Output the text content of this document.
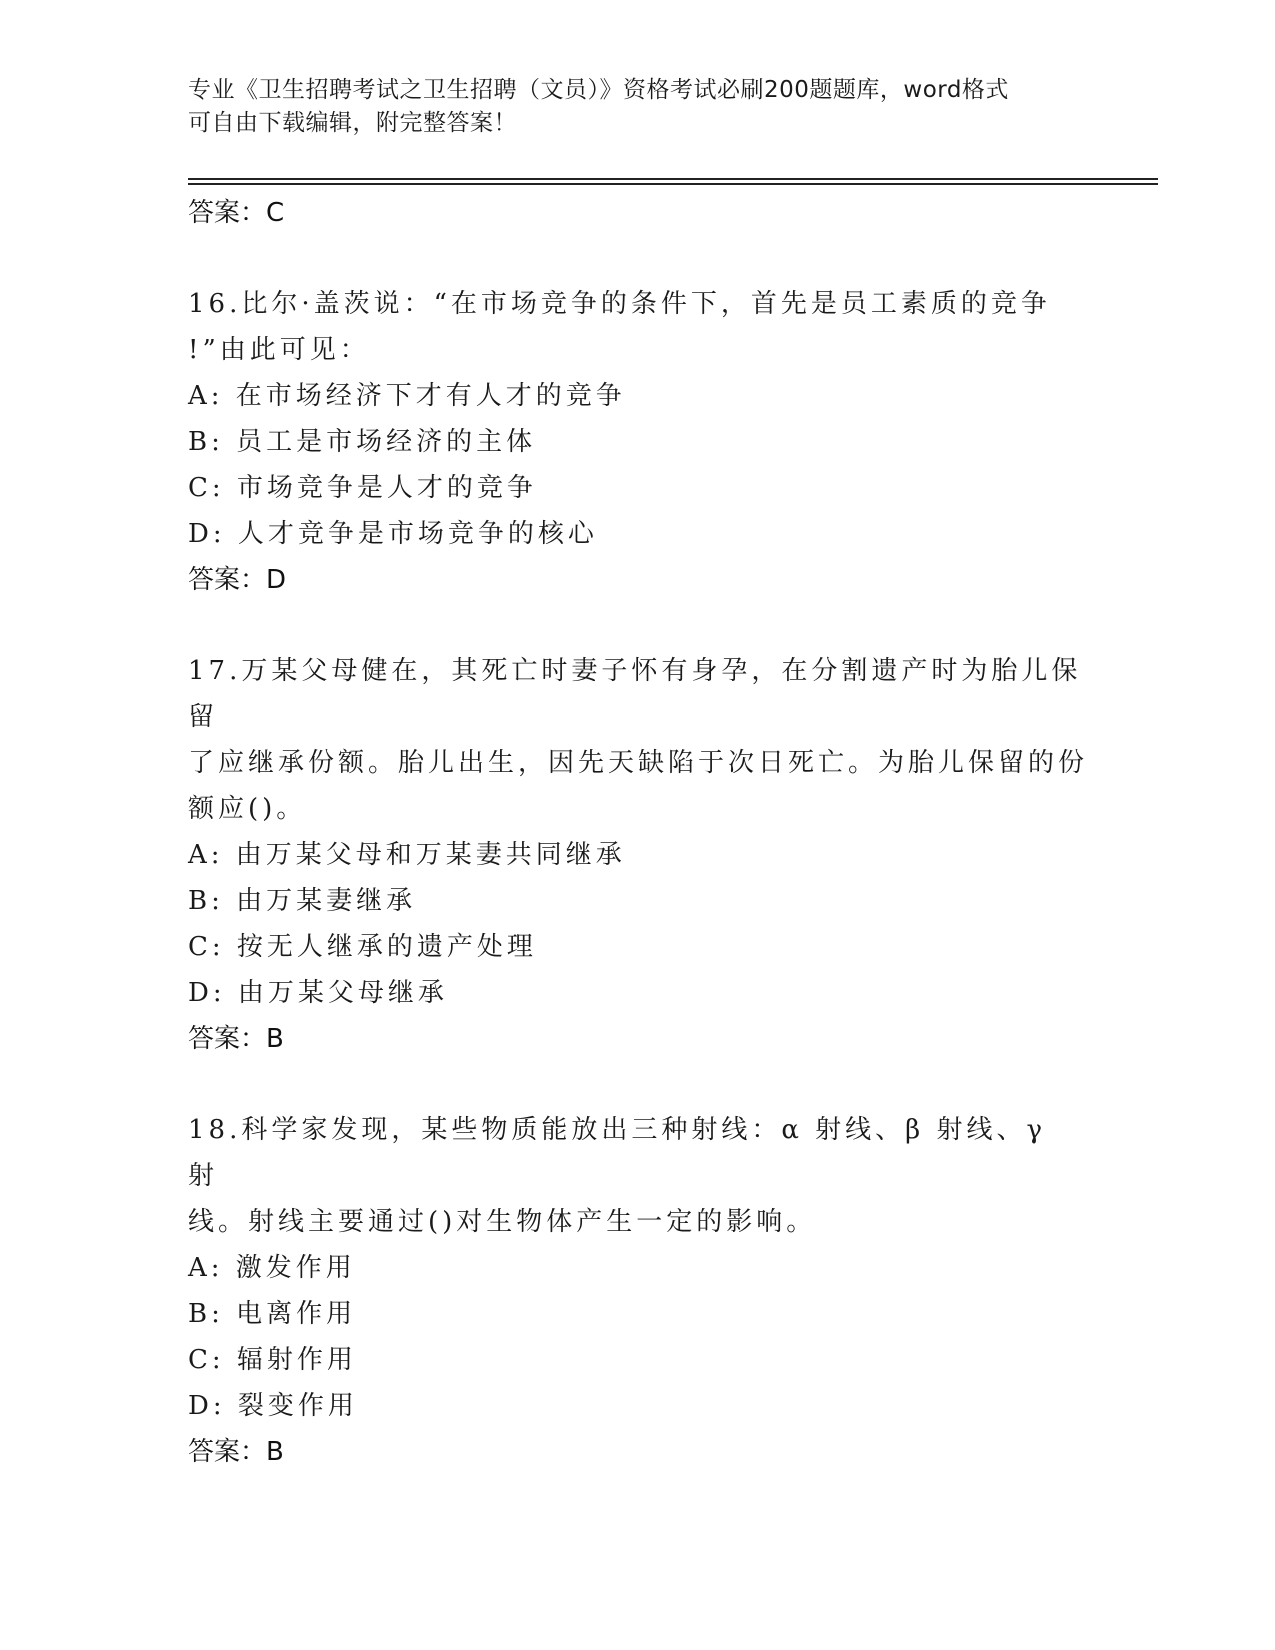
专业《卫生招聘考试之卫生招聘（文员）》资格考试必刷200题题库，word格式
可自由下载编辑，附完整答案！
答案：C
16.比尔·盖茨说：“在市场竞争的条件下，首先是员工素质的竞争
!”由此可见：
A: 在市场经济下才有人才的竞争
B: 员工是市场经济的主体
C: 市场竞争是人才的竞争
D: 人才竞争是市场竞争的核心
答案：D
17.万某父母健在，其死亡时妻子怀有身孕，在分割遗产时为胎儿保留
了应继承份额。胎儿出生，因先天缺陷于次日死亡。为胎儿保留的份
额应()。
A: 由万某父母和万某妻共同继承
B: 由万某妻继承
C: 按无人继承的遗产处理
D: 由万某父母继承
答案：B
18.科学家发现，某些物质能放出三种射线：α 射线、β 射线、γ 射
线。射线主要通过()对生物体产生一定的影响。
A: 激发作用
B: 电离作用
C: 辐射作用
D: 裂变作用
答案：B
